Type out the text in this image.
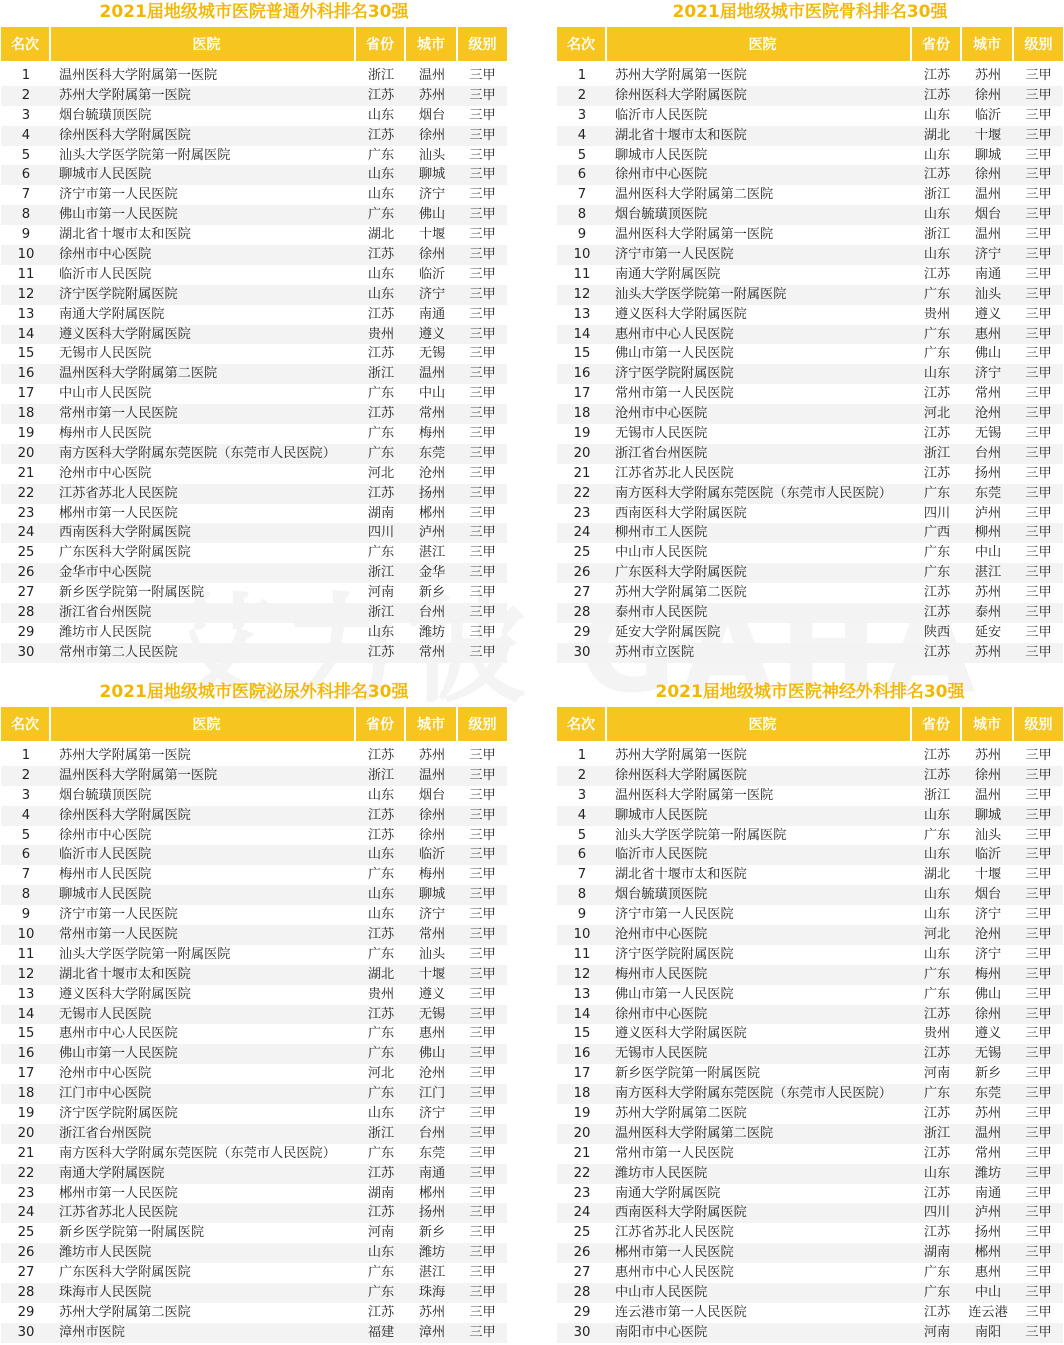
2021届地级城市医院普通外科排名30强
名次	医院	省份	城市	级别
1	温州医科大学附属第一医院	浙江	温州	三甲
2	苏州大学附属第一医院	江苏	苏州	三甲
3	烟台毓璜顶医院	山东	烟台	三甲
4	徐州医科大学附属医院	江苏	徐州	三甲
5	汕头大学医学院第一附属医院	广东	汕头	三甲
6	聊城市人民医院	山东	聊城	三甲
7	济宁市第一人民医院	山东	济宁	三甲
8	佛山市第一人民医院	广东	佛山	三甲
9	湖北省十堰市太和医院	湖北	十堰	三甲
10	徐州市中心医院	江苏	徐州	三甲
11	临沂市人民医院	山东	临沂	三甲
12	济宁医学院附属医院	山东	济宁	三甲
13	南通大学附属医院	江苏	南通	三甲
14	遵义医科大学附属医院	贵州	遵义	三甲
15	无锡市人民医院	江苏	无锡	三甲
16	温州医科大学附属第二医院	浙江	温州	三甲
17	中山市人民医院	广东	中山	三甲
18	常州市第一人民医院	江苏	常州	三甲
19	梅州市人民医院	广东	梅州	三甲
20	南方医科大学附属东莞医院（东莞市人民医院）	广东	东莞	三甲
21	沧州市中心医院	河北	沧州	三甲
22	江苏省苏北人民医院	江苏	扬州	三甲
23	郴州市第一人民医院	湖南	郴州	三甲
24	西南医科大学附属医院	四川	泸州	三甲
25	广东医科大学附属医院	广东	湛江	三甲
26	金华市中心医院	浙江	金华	三甲
27	新乡医学院第一附属医院	河南	新乡	三甲
28	浙江省台州医院	浙江	台州	三甲
29	潍坊市人民医院	山东	潍坊	三甲
30	常州市第二人民医院	江苏	常州	三甲
2021届地级城市医院骨科排名30强
名次	医院	省份	城市	级别
1	苏州大学附属第一医院	江苏	苏州	三甲
2	徐州医科大学附属医院	江苏	徐州	三甲
3	临沂市人民医院	山东	临沂	三甲
4	湖北省十堰市太和医院	湖北	十堰	三甲
5	聊城市人民医院	山东	聊城	三甲
6	徐州市中心医院	江苏	徐州	三甲
7	温州医科大学附属第二医院	浙江	温州	三甲
8	烟台毓璜顶医院	山东	烟台	三甲
9	温州医科大学附属第一医院	浙江	温州	三甲
10	济宁市第一人民医院	山东	济宁	三甲
11	南通大学附属医院	江苏	南通	三甲
12	汕头大学医学院第一附属医院	广东	汕头	三甲
13	遵义医科大学附属医院	贵州	遵义	三甲
14	惠州市中心人民医院	广东	惠州	三甲
15	佛山市第一人民医院	广东	佛山	三甲
16	济宁医学院附属医院	山东	济宁	三甲
17	常州市第一人民医院	江苏	常州	三甲
18	沧州市中心医院	河北	沧州	三甲
19	无锡市人民医院	江苏	无锡	三甲
20	浙江省台州医院	浙江	台州	三甲
21	江苏省苏北人民医院	江苏	扬州	三甲
22	南方医科大学附属东莞医院（东莞市人民医院）	广东	东莞	三甲
23	西南医科大学附属医院	四川	泸州	三甲
24	柳州市工人医院	广西	柳州	三甲
25	中山市人民医院	广东	中山	三甲
26	广东医科大学附属医院	广东	湛江	三甲
27	苏州大学附属第二医院	江苏	苏州	三甲
28	泰州市人民医院	江苏	泰州	三甲
29	延安大学附属医院	陕西	延安	三甲
30	苏州市立医院	江苏	苏州	三甲
2021届地级城市医院泌尿外科排名30强
名次	医院	省份	城市	级别
1	苏州大学附属第一医院	江苏	苏州	三甲
2	温州医科大学附属第一医院	浙江	温州	三甲
3	烟台毓璜顶医院	山东	烟台	三甲
4	徐州医科大学附属医院	江苏	徐州	三甲
5	徐州市中心医院	江苏	徐州	三甲
6	临沂市人民医院	山东	临沂	三甲
7	梅州市人民医院	广东	梅州	三甲
8	聊城市人民医院	山东	聊城	三甲
9	济宁市第一人民医院	山东	济宁	三甲
10	常州市第一人民医院	江苏	常州	三甲
11	汕头大学医学院第一附属医院	广东	汕头	三甲
12	湖北省十堰市太和医院	湖北	十堰	三甲
13	遵义医科大学附属医院	贵州	遵义	三甲
14	无锡市人民医院	江苏	无锡	三甲
15	惠州市中心人民医院	广东	惠州	三甲
16	佛山市第一人民医院	广东	佛山	三甲
17	沧州市中心医院	河北	沧州	三甲
18	江门市中心医院	广东	江门	三甲
19	济宁医学院附属医院	山东	济宁	三甲
20	浙江省台州医院	浙江	台州	三甲
21	南方医科大学附属东莞医院（东莞市人民医院）	广东	东莞	三甲
22	南通大学附属医院	江苏	南通	三甲
23	郴州市第一人民医院	湖南	郴州	三甲
24	江苏省苏北人民医院	江苏	扬州	三甲
25	新乡医学院第一附属医院	河南	新乡	三甲
26	潍坊市人民医院	山东	潍坊	三甲
27	广东医科大学附属医院	广东	湛江	三甲
28	珠海市人民医院	广东	珠海	三甲
29	苏州大学附属第二医院	江苏	苏州	三甲
30	漳州市医院	福建	漳州	三甲
2021届地级城市医院神经外科排名30强
名次	医院	省份	城市	级别
1	苏州大学附属第一医院	江苏	苏州	三甲
2	徐州医科大学附属医院	江苏	徐州	三甲
3	温州医科大学附属第一医院	浙江	温州	三甲
4	聊城市人民医院	山东	聊城	三甲
5	汕头大学医学院第一附属医院	广东	汕头	三甲
6	临沂市人民医院	山东	临沂	三甲
7	湖北省十堰市太和医院	湖北	十堰	三甲
8	烟台毓璜顶医院	山东	烟台	三甲
9	济宁市第一人民医院	山东	济宁	三甲
10	沧州市中心医院	河北	沧州	三甲
11	济宁医学院附属医院	山东	济宁	三甲
12	梅州市人民医院	广东	梅州	三甲
13	佛山市第一人民医院	广东	佛山	三甲
14	徐州市中心医院	江苏	徐州	三甲
15	遵义医科大学附属医院	贵州	遵义	三甲
16	无锡市人民医院	江苏	无锡	三甲
17	新乡医学院第一附属医院	河南	新乡	三甲
18	南方医科大学附属东莞医院（东莞市人民医院）	广东	东莞	三甲
19	苏州大学附属第二医院	江苏	苏州	三甲
20	温州医科大学附属第二医院	浙江	温州	三甲
21	常州市第一人民医院	江苏	常州	三甲
22	潍坊市人民医院	山东	潍坊	三甲
23	南通大学附属医院	江苏	南通	三甲
24	西南医科大学附属医院	四川	泸州	三甲
25	江苏省苏北人民医院	江苏	扬州	三甲
26	郴州市第一人民医院	湖南	郴州	三甲
27	惠州市中心人民医院	广东	惠州	三甲
28	中山市人民医院	广东	中山	三甲
29	连云港市第一人民医院	江苏	连云港	三甲
30	南阳市中心医院	河南	南阳	三甲
